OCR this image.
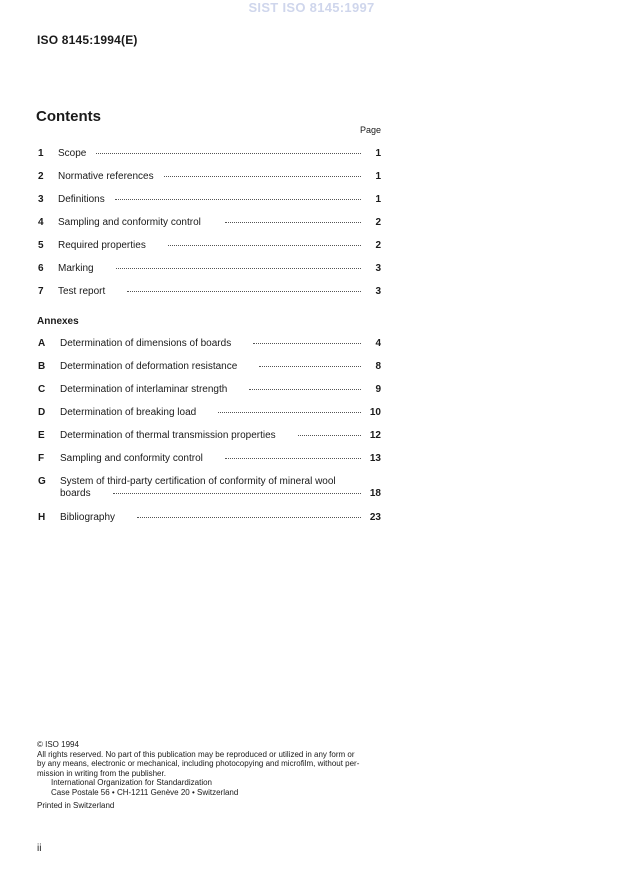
SIST ISO 8145:1997
ISO 8145:1994(E)
Contents
Page
1	Scope	1
2	Normative references	1
3	Definitions	1
4	Sampling and conformity control	2
5	Required properties	2
6	Marking	3
7	Test report	3
Annexes
A	Determination of dimensions of boards	4
B	Determination of deformation resistance	8
C	Determination of interlaminar strength	9
D	Determination of breaking load	10
E	Determination of thermal transmission properties	12
F	Sampling and conformity control	13
G	System of third-party certification of conformity of mineral wool
boards	18
H	Bibliography	23
© ISO 1994
All rights reserved. No part of this publication may be reproduced or utilized in any form or
by any means, electronic or mechanical, including photocopying and microfilm, without per-
mission in writing from the publisher.
International Organization for Standardization
Case Postale 56 • CH-1211 Genève 20 • Switzerland
Printed in Switzerland
ii
